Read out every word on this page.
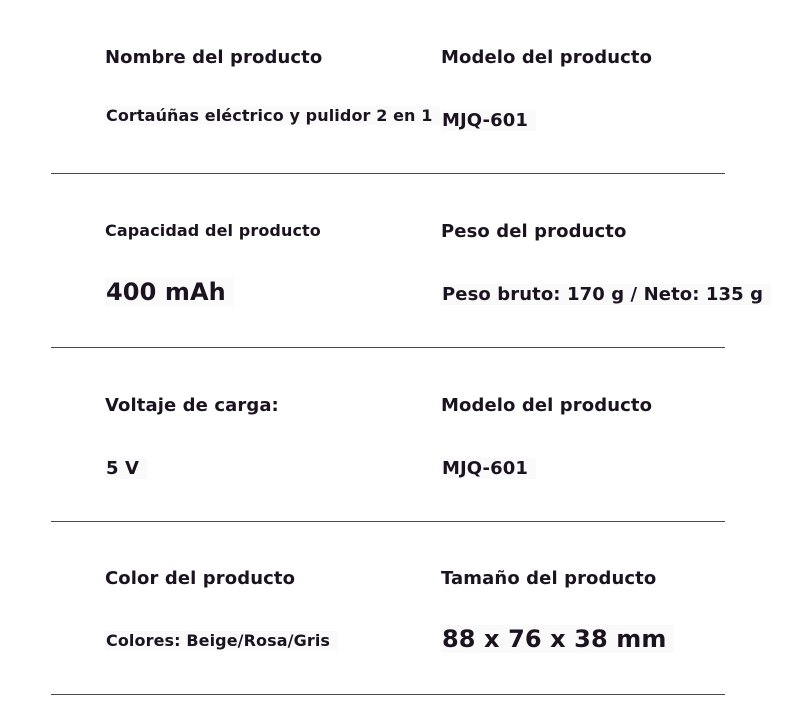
Nombre del producto
Cortaúñas eléctrico y pulidor 2 en 1
Modelo del producto
MJQ-601
Capacidad del producto
400 mAh
Peso del producto
Peso bruto: 170 g / Neto: 135 g
Voltaje de carga:
5 V
Modelo del producto
MJQ-601
Color del producto
Colores: Beige/Rosa/Gris
Tamaño del producto
88 x 76 x 38 mm
